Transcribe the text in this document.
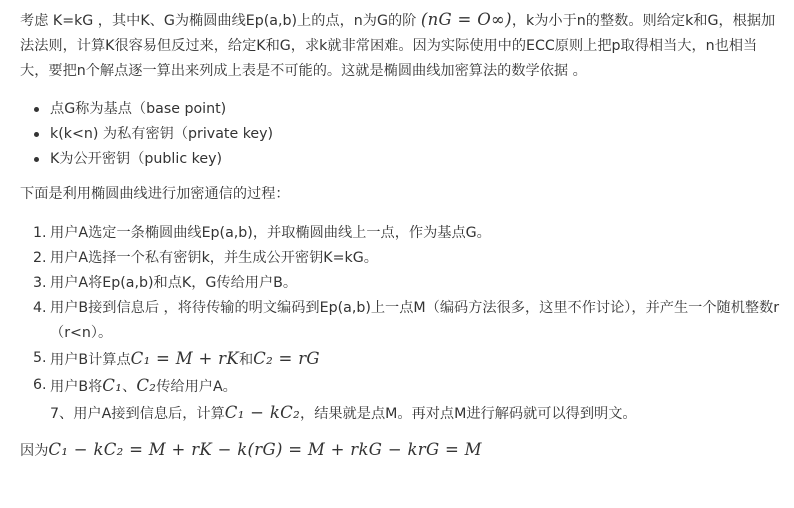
考虑 K=kG ，其中K、G为椭圆曲线Ep(a,b)上的点，n为G的阶 (nG = O∞)，k为小于n的整数。则给定k和G，根据加法法则，计算K很容易但反过来，给定K和G，求k就非常困难。因为实际使用中的ECC原则上把p取得相当大，n也相当大，要把n个解点逐一算出来列成上表是不可能的。这就是椭圆曲线加密算法的数学依据 。

点G称为基点（base point)
k(k<n) 为私有密钥（private key)
K为公开密钥（public key)

下面是利用椭圆曲线进行加密通信的过程：

1. 用户A选定一条椭圆曲线Ep(a,b)，并取椭圆曲线上一点，作为基点G。
2. 用户A选择一个私有密钥k，并生成公开密钥K=kG。
3. 用户A将Ep(a,b)和点K，G传给用户B。
4. 用户B接到信息后 ，将待传输的明文编码到Ep(a,b)上一点M（编码方法很多，这里不作讨论），并产生一个随机整数r（r<n）。
5. 用户B计算点C₁ = M + rK和C₂ = rG
6. 用户B将C₁、C₂传给用户A。
7、用户A接到信息后，计算C₁ − kC₂，结果就是点M。再对点M进行解码就可以得到明文。

因为C₁ − kC₂ = M + rK − k(rG) = M + rkG − krG = M
